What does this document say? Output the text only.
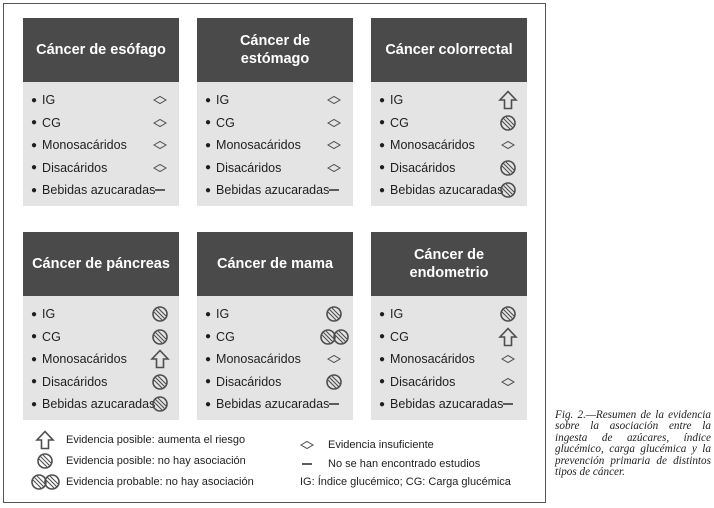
Cáncer de esófago
● IG
● CG
● Monosacáridos
● Disacáridos
● Bebidas azucaradas
Cáncer de estómago
● IG
● CG
● Monosacáridos
● Disacáridos
● Bebidas azucaradas
Cáncer colorrectal
● IG
● CG
● Monosacáridos
● Disacáridos
● Bebidas azucaradas
Cáncer de páncreas
● IG
● CG
● Monosacáridos
● Disacáridos
● Bebidas azucaradas
Cáncer de mama
● IG
● CG
● Monosacáridos
● Disacáridos
● Bebidas azucaradas
Cáncer de endometrio
● IG
● CG
● Monosacáridos
● Disacáridos
● Bebidas azucaradas
Evidencia posible: aumenta el riesgo
Evidencia posible: no hay asociación
Evidencia probable: no hay asociación
Evidencia insuficiente
No se han encontrado estudios
IG: Índice glucémico; CG: Carga glucémica
Fig. 2.—Resumen de la evidencia sobre la asociación entre la ingesta de azúcares, índice glucémico, carga glucémica y la prevención primaria de distintos tipos de cáncer.
